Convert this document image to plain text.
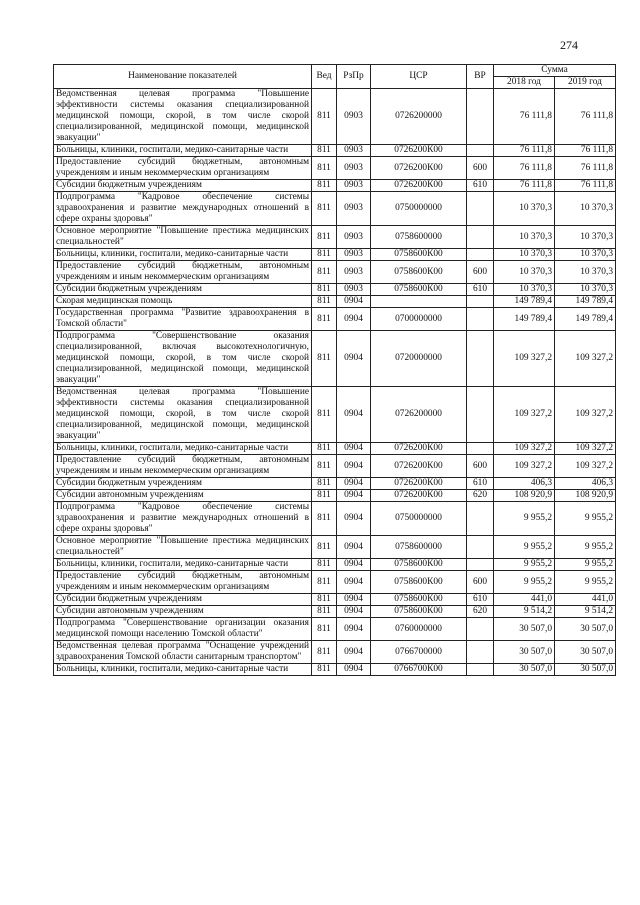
274
Наименование показателей	Вед	РзПр	ЦСР	ВР	Сумма	
					2018 год	2019 год
Ведомственная целевая программа "Повышение эффективности системы оказания специализированной медицинской помощи, скорой, в том числе скорой специализированной, медицинской помощи, медицинской эвакуации"	811	0903	0726200000		76 111,8	76 111,8
Больницы, клиники, госпитали, медико-санитарные части	811	0903	0726200К00		76 111,8	76 111,8
Предоставление субсидий бюджетным, автономным учреждениям и иным некоммерческим организациям	811	0903	0726200К00	600	76 111,8	76 111,8
Субсидии бюджетным учреждениям	811	0903	0726200К00	610	76 111,8	76 111,8
Подпрограмма "Кадровое обеспечение системы здравоохранения и развитие международных отношений в сфере охраны здоровья"	811	0903	0750000000		10 370,3	10 370,3
Основное мероприятие "Повышение престижа медицинских специальностей"	811	0903	0758600000		10 370,3	10 370,3
Больницы, клиники, госпитали, медико-санитарные части	811	0903	0758600К00		10 370,3	10 370,3
Предоставление субсидий бюджетным, автономным учреждениям и иным некоммерческим организациям	811	0903	0758600К00	600	10 370,3	10 370,3
Субсидии бюджетным учреждениям	811	0903	0758600К00	610	10 370,3	10 370,3
Скорая медицинская помощь	811	0904			149 789,4	149 789,4
Государственная программа "Развитие здравоохранения в Томской области"	811	0904	0700000000		149 789,4	149 789,4
Подпрограмма "Совершенствование оказания специализированной, включая высокотехнологичную, медицинской помощи, скорой, в том числе скорой специализированной, медицинской помощи, медицинской эвакуации"	811	0904	0720000000		109 327,2	109 327,2
Ведомственная целевая программа "Повышение эффективности системы оказания специализированной медицинской помощи, скорой, в том числе скорой специализированной, медицинской помощи, медицинской эвакуации"	811	0904	0726200000		109 327,2	109 327,2
Больницы, клиники, госпитали, медико-санитарные части	811	0904	0726200К00		109 327,2	109 327,2
Предоставление субсидий бюджетным, автономным учреждениям и иным некоммерческим организациям	811	0904	0726200К00	600	109 327,2	109 327,2
Субсидии бюджетным учреждениям	811	0904	0726200К00	610	406,3	406,3
Субсидии автономным учреждениям	811	0904	0726200К00	620	108 920,9	108 920,9
Подпрограмма "Кадровое обеспечение системы здравоохранения и развитие международных отношений в сфере охраны здоровья"	811	0904	0750000000		9 955,2	9 955,2
Основное мероприятие "Повышение престижа медицинских специальностей"	811	0904	0758600000		9 955,2	9 955,2
Больницы, клиники, госпитали, медико-санитарные части	811	0904	0758600К00		9 955,2	9 955,2
Предоставление субсидий бюджетным, автономным учреждениям и иным некоммерческим организациям	811	0904	0758600К00	600	9 955,2	9 955,2
Субсидии бюджетным учреждениям	811	0904	0758600К00	610	441,0	441,0
Субсидии автономным учреждениям	811	0904	0758600К00	620	9 514,2	9 514,2
Подпрограмма "Совершенствование организации оказания медицинской помощи населению Томской области"	811	0904	0760000000		30 507,0	30 507,0
Ведомственная целевая программа "Оснащение учреждений здравоохранения Томской области санитарным транспортом"	811	0904	0766700000		30 507,0	30 507,0
Больницы, клиники, госпитали, медико-санитарные части	811	0904	0766700К00		30 507,0	30 507,0
